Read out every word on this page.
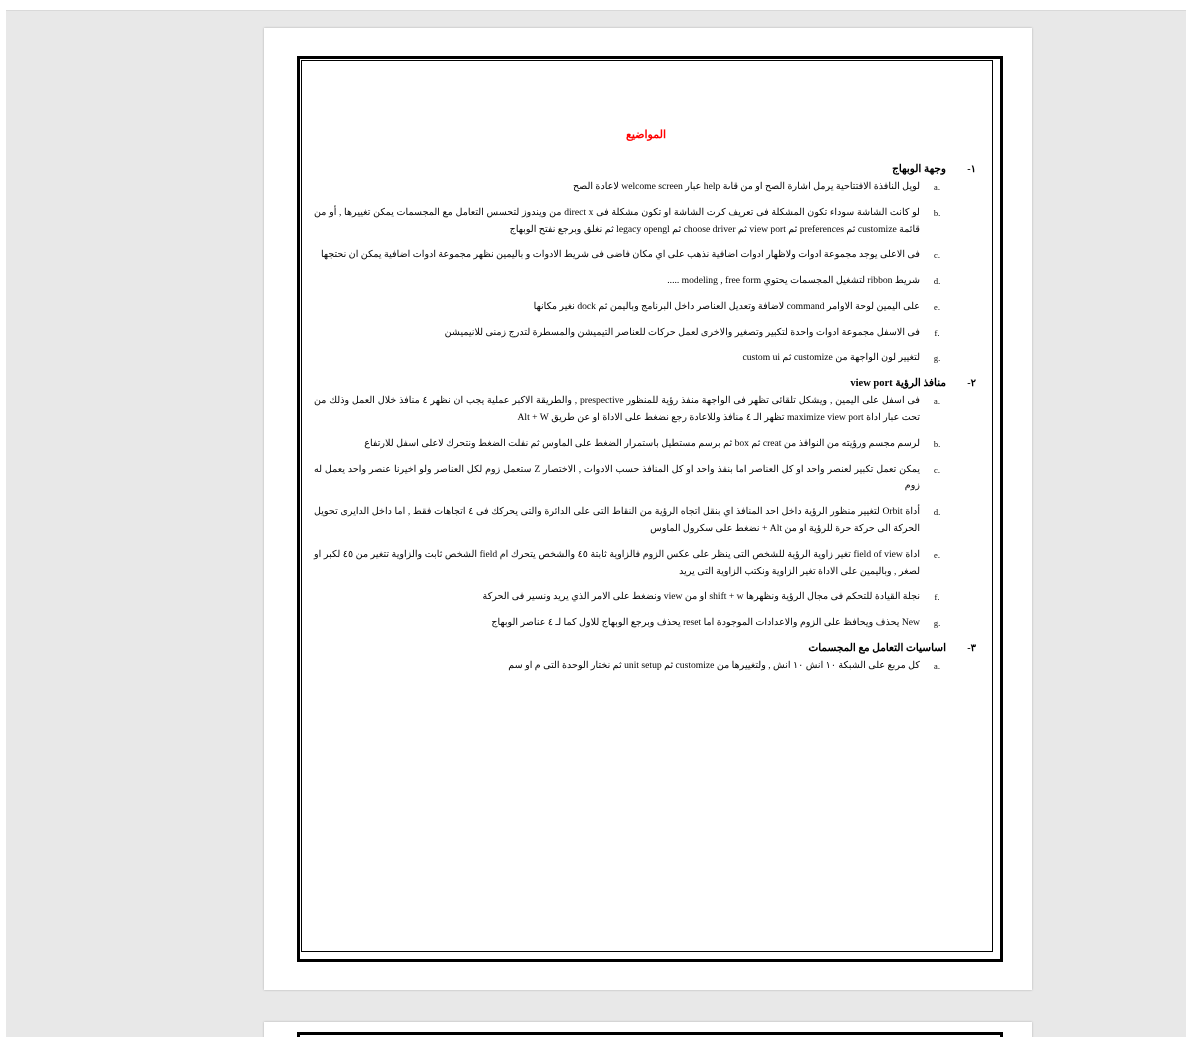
المواضيع
١-
وجهة الوبهاج
a.
لويل النافذة الافتتاحية يرمل اشارة الصح او من قاىة help عبار welcome screen لاعادة الصح
b.
لو كانت الشاشة سوداء تكون المشكلة فى تعريف كرت الشاشة او تكون مشكلة فى direct x من ويندوز لتحسس التعامل مع المجسمات يمكن تغييرها , أو من قائمة customize ثم preferences ثم view port ثم choose driver ثم legacy opengl ثم نغلق وبرجع نفتح الوبهاج
c.
فى الاعلى يوجد مجموعة ادوات ولاظهار ادوات اضافية نذهب على اي مكان فاضى فى شريط الادوات و باليمين نظهر مجموعة ادوات اضافية يمكن ان نحتجها
d.
شريط ribbon لتشغيل المجسمات يحتوي modeling , free form .....
e.
على اليمين لوحة الاوامر command لاضافة وتعديل العناصر داخل البرنامج وباليمن ثم dock نغير مكانها
f.
فى الاسفل مجموعة ادوات واحدة لتكبير وتصغير والاخرى لعمل حركات للعناصر التيميشن والمسطرة لتدرج زمنى للانيميشن
g.
لتغيير لون الواجهة من customize ثم custom ui
٢-
منافذ الرؤية view port
a.
فى اسفل على اليمين , ويشكل تلقائى تظهر فى الواجهة منفذ رؤية للمنظور prespective , والطريقة الاكبر عملية يجب ان نظهر ٤ منافذ خلال العمل وذلك من تحت عبار اداة maximize view port تظهر الـ ٤ منافذ وللاعادة رجع نضغط على الاداة او عن طريق Alt + W
b.
لرسم مجسم ورؤيته من النوافذ من creat ثم box ثم برسم مستطيل باستمرار الضغط على الماوس ثم نفلت الضغط ونتحرك لاعلى اسفل للارتفاع
c.
يمكن تعمل تكبير لعنصر واحد او كل العناصر اما بنفذ واحد او كل المنافذ حسب الادوات , الاختصار Z ستعمل زوم لكل العناصر ولو اخيرنا عنصر واحد يعمل له زوم
d.
أداة Orbit لتغيير منظور الرؤية داخل احد المنافذ اي بنقل اتجاه الرؤية من النقاط التى على الدائرة والتى يحركك فى ٤ اتجاهات فقط , اما داخل الدايرى تحويل الحركة الى حركة حرة للرؤية او من Alt + نضغط على سكرول الماوس
e.
اداة field of view تغير زاوية الرؤية للشخص التى ينظر على عكس الزوم فالزاوية ثابتة ٤٥ والشخص يتحرك ام field الشخص ثابت والزاوية تتغير من ٤٥ لكبر او لصغر , وباليمين على الاداة تغير الزاوية ونكتب الزاوية التى يريد
f.
نجلة القيادة للتحكم فى مجال الرؤية ونظهرها shift + w او من view ونضغط على الامر الذي يريد ونسير فى الحركة
g.
New يحذف ويحافظ على الزوم والاعدادات الموجودة اما reset يحذف وبرجع الوبهاج للاول كما لـ ٤ عناصر الوبهاج
٣-
اساسيات التعامل مع المجسمات
a.
كل مربع على الشبكة ١٠ انش ١٠ انش , ولتغييرها من customize ثم unit setup ثم نختار الوحدة التى م او سم
